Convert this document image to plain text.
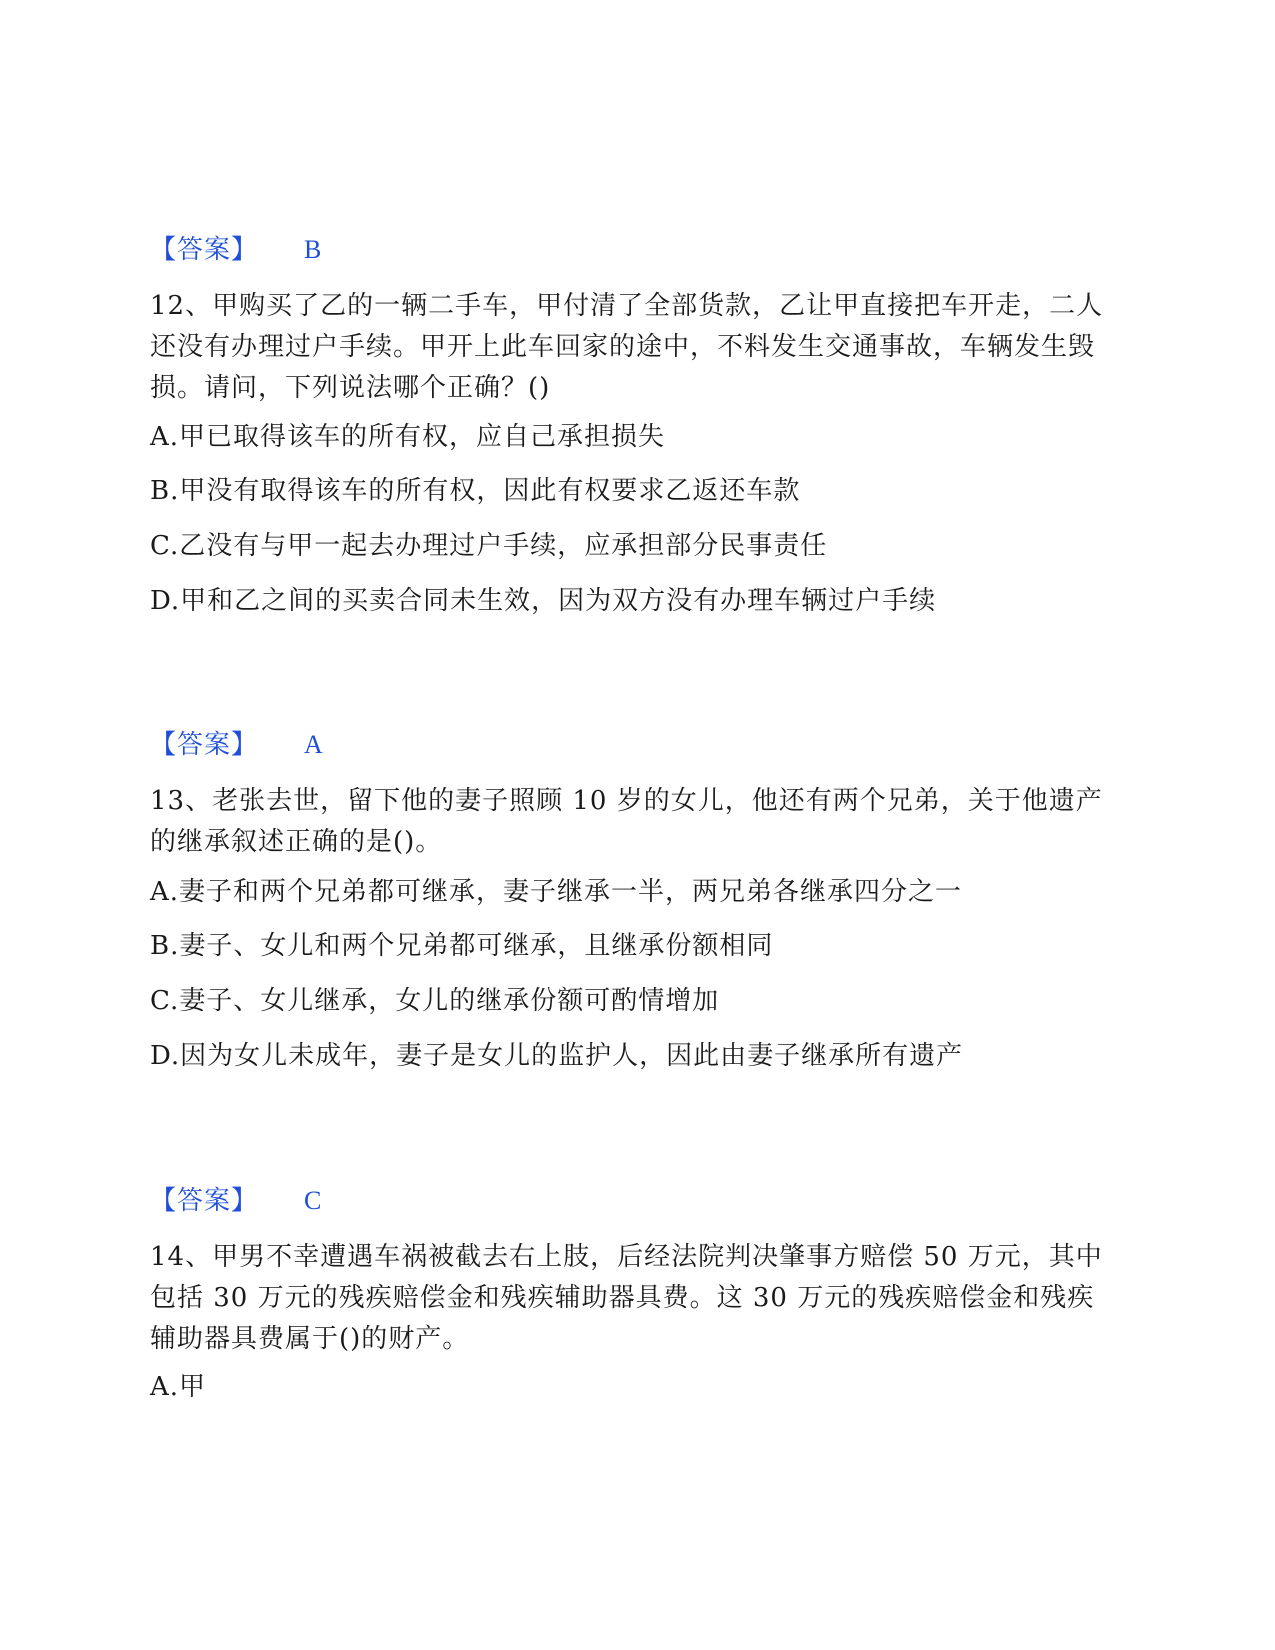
【答案】 B
12、甲购买了乙的一辆二手车，甲付清了全部货款，乙让甲直接把车开走，二人还没有办理过户手续。甲开上此车回家的途中，不料发生交通事故，车辆发生毁损。请问，下列说法哪个正确？()
A.甲已取得该车的所有权，应自己承担损失
B.甲没有取得该车的所有权，因此有权要求乙返还车款
C.乙没有与甲一起去办理过户手续，应承担部分民事责任
D.甲和乙之间的买卖合同未生效，因为双方没有办理车辆过户手续
【答案】 A
13、老张去世，留下他的妻子照顾 10 岁的女儿，他还有两个兄弟，关于他遗产的继承叙述正确的是()。
A.妻子和两个兄弟都可继承，妻子继承一半，两兄弟各继承四分之一
B.妻子、女儿和两个兄弟都可继承，且继承份额相同
C.妻子、女儿继承，女儿的继承份额可酌情增加
D.因为女儿未成年，妻子是女儿的监护人，因此由妻子继承所有遗产
【答案】 C
14、甲男不幸遭遇车祸被截去右上肢，后经法院判决肇事方赔偿 50 万元，其中包括 30 万元的残疾赔偿金和残疾辅助器具费。这 30 万元的残疾赔偿金和残疾辅助器具费属于()的财产。
A.甲
